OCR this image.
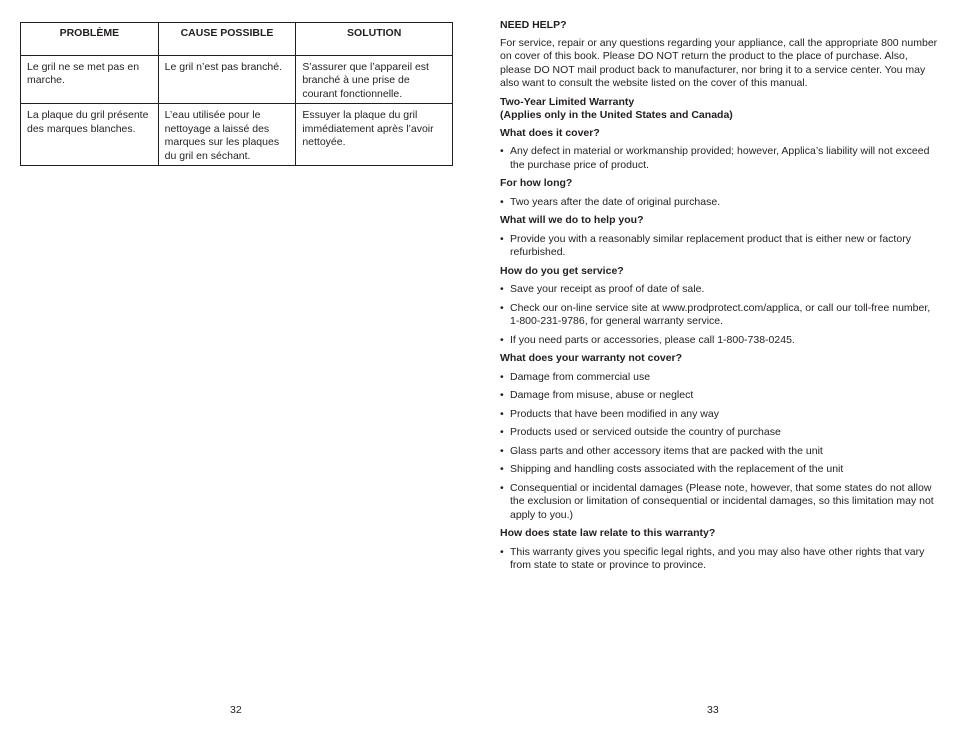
PROBLÈME	CAUSE POSSIBLE	SOLUTION
Le gril ne se met pas en marche.	Le gril n’est pas branché.	S’assurer que l’appareil est branché à une prise de courant fonctionnelle.
La plaque du gril présente des marques blanches.	L’eau utilisée pour le nettoyage a laissé des marques sur les plaques du gril en séchant.	Essuyer la plaque du gril immédiatement après l’avoir nettoyée.
32
NEED HELP?

For service, repair or any questions regarding your appliance, call the appropriate 800 number on cover of this book. Please DO NOT return the product to the place of purchase. Also, please DO NOT mail product back to manufacturer, nor bring it to a service center. You may also want to consult the website listed on the cover of this manual.

Two-Year Limited Warranty
(Applies only in the United States and Canada)
What does it cover?
• Any defect in material or workmanship provided; however, Applica’s liability will not exceed the purchase price of product.
For how long?
• Two years after the date of original purchase.
What will we do to help you?
• Provide you with a reasonably similar replacement product that is either new or factory refurbished.
How do you get service?
• Save your receipt as proof of date of sale.
• Check our on-line service site at www.prodprotect.com/applica, or call our toll-free number, 1-800-231-9786, for general warranty service.
• If you need parts or accessories, please call 1-800-738-0245.
What does your warranty not cover?
• Damage from commercial use
• Damage from misuse, abuse or neglect
• Products that have been modified in any way
• Products used or serviced outside the country of purchase
• Glass parts and other accessory items that are packed with the unit
• Shipping and handling costs associated with the replacement of the unit
• Consequential or incidental damages (Please note, however, that some states do not allow the exclusion or limitation of consequential or incidental damages, so this limitation may not apply to you.)
How does state law relate to this warranty?
• This warranty gives you specific legal rights, and you may also have other rights that vary from state to state or province to province.
33
